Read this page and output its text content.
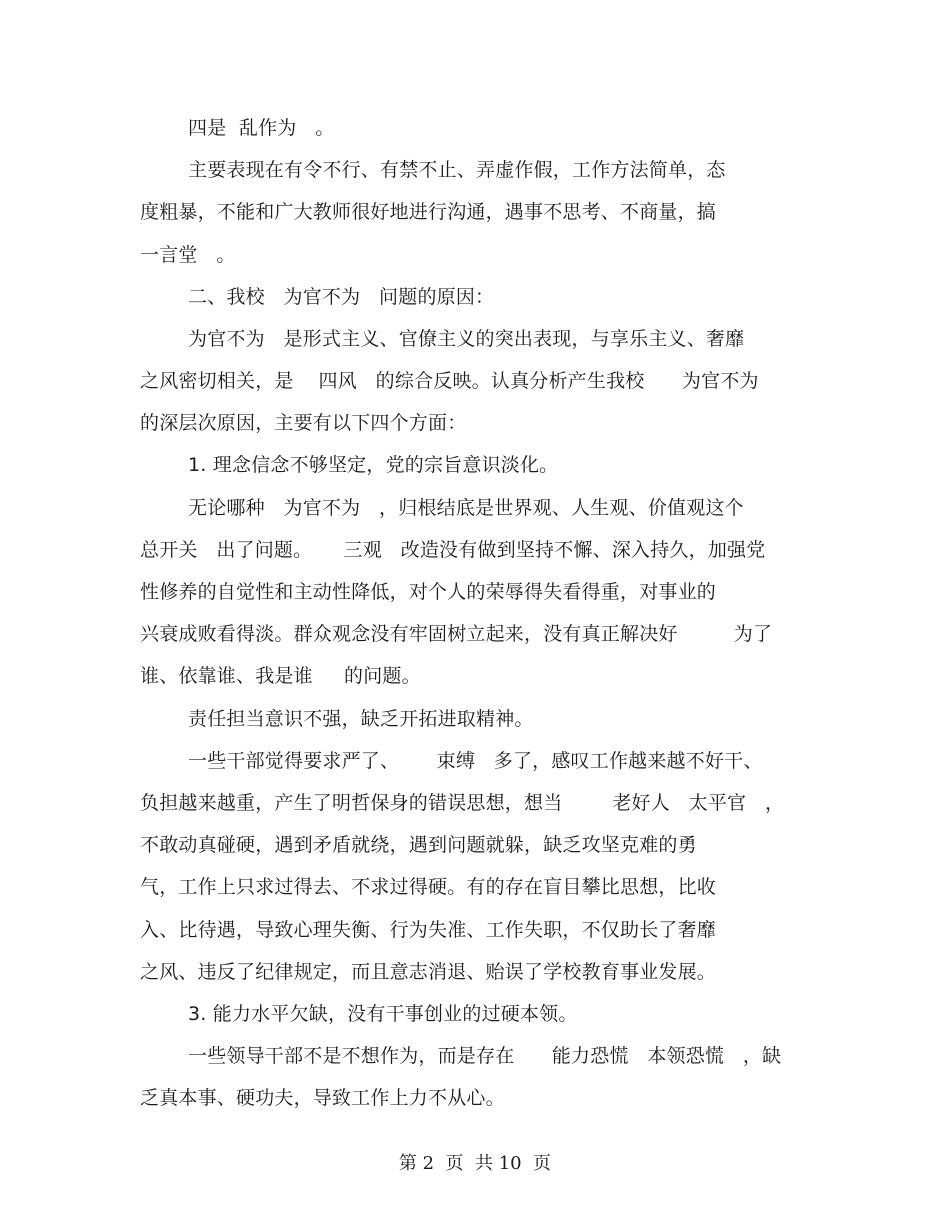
四是  乱作为   。
主要表现在有令不行、有禁不止、弄虚作假，工作方法简单，态
度粗暴，不能和广大教师很好地进行沟通，遇事不思考、不商量，搞
一言堂   。
二、我校   为官不为   问题的原因：
为官不为   是形式主义、官僚主义的突出表现，与享乐主义、奢靡
之风密切相关，是    四风   的综合反映。认真分析产生我校      为官不为
的深层次原因，主要有以下四个方面：
1. 理念信念不够坚定，党的宗旨意识淡化。
无论哪种   为官不为   ，归根结底是世界观、人生观、价值观这个
总开关   出了问题。     三观   改造没有做到坚持不懈、深入持久，加强党
性修养的自觉性和主动性降低，对个人的荣辱得失看得重，对事业的
兴衰成败看得淡。群众观念没有牢固树立起来，没有真正解决好         为了
谁、依靠谁、我是谁     的问题。
责任担当意识不强，缺乏开拓进取精神。
一些干部觉得要求严了、      束缚   多了，感叹工作越来越不好干、
负担越来越重，产生了明哲保身的错误思想，想当        老好人   太平官   ，
不敢动真碰硬，遇到矛盾就绕，遇到问题就躲，缺乏攻坚克难的勇
气，工作上只求过得去、不求过得硬。有的存在盲目攀比思想，比收
入、比待遇，导致心理失衡、行为失准、工作失职，不仅助长了奢靡
之风、违反了纪律规定，而且意志消退、贻误了学校教育事业发展。
3. 能力水平欠缺，没有干事创业的过硬本领。
一些领导干部不是不想作为，而是存在      能力恐慌   本领恐慌   ，缺
乏真本事、硬功夫，导致工作上力不从心。
第 2  页  共 10  页
